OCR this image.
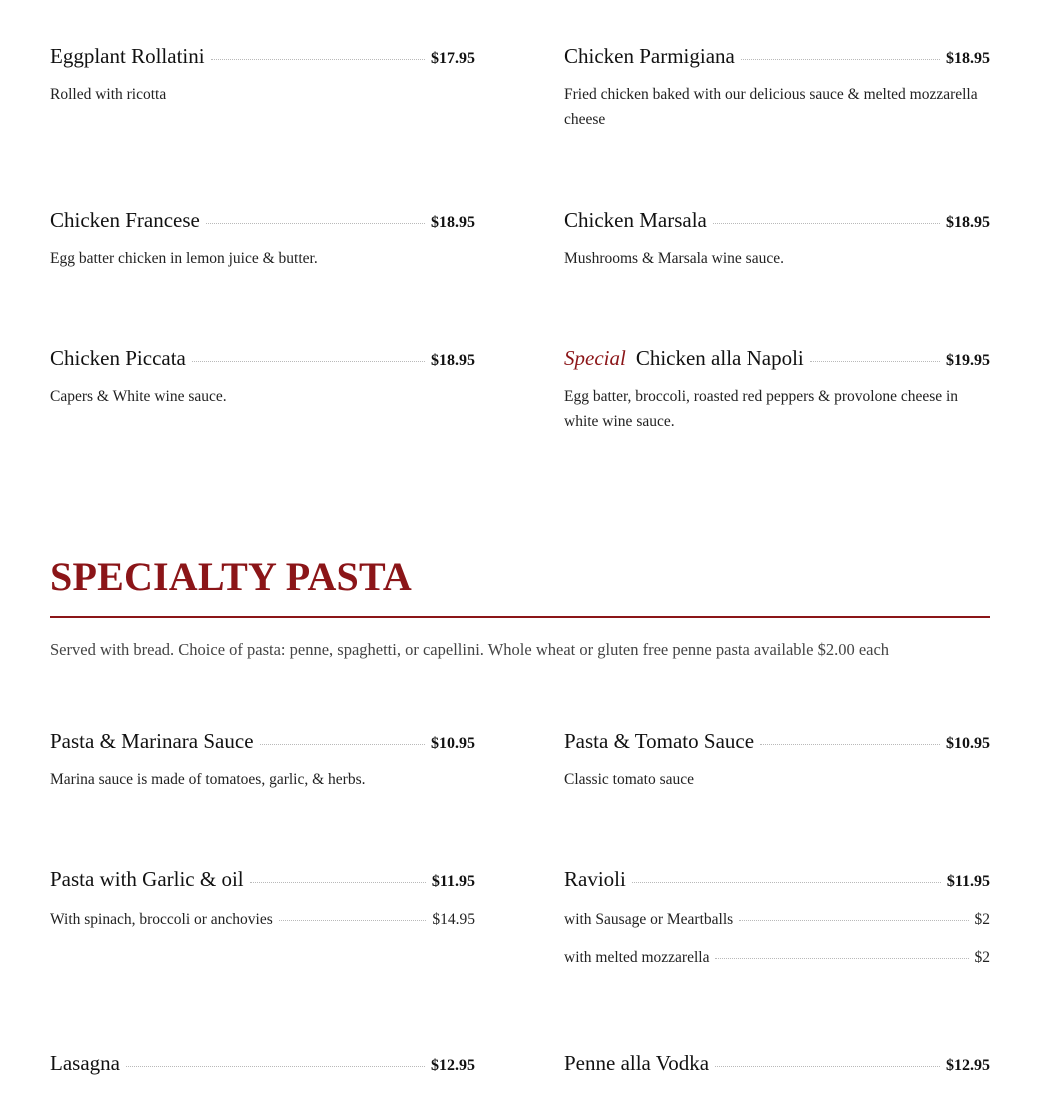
Eggplant Rollatini	$17.95
Rolled with ricotta
Chicken Parmigiana	$18.95
Fried chicken baked with our delicious sauce & melted mozzarella cheese
Chicken Francese	$18.95
Egg batter chicken in lemon juice & butter.
Chicken Marsala	$18.95
Mushrooms & Marsala wine sauce.
Chicken Piccata	$18.95
Capers & White wine sauce.
Special Chicken alla Napoli	$19.95
Egg batter, broccoli, roasted red peppers & provolone cheese in white wine sauce.
SPECIALTY PASTA
Served with bread. Choice of pasta: penne, spaghetti, or capellini. Whole wheat or gluten free penne pasta available $2.00 each
Pasta & Marinara Sauce	$10.95
Marina sauce is made of tomatoes, garlic, & herbs.
Pasta & Tomato Sauce	$10.95
Classic tomato sauce
Pasta with Garlic & oil	$11.95
With spinach, broccoli or anchovies	$14.95
Ravioli	$11.95
with Sausage or Meartballs	$2
with melted mozzarella	$2
Lasagna	$12.95	Penne alla Vodka	$12.95
